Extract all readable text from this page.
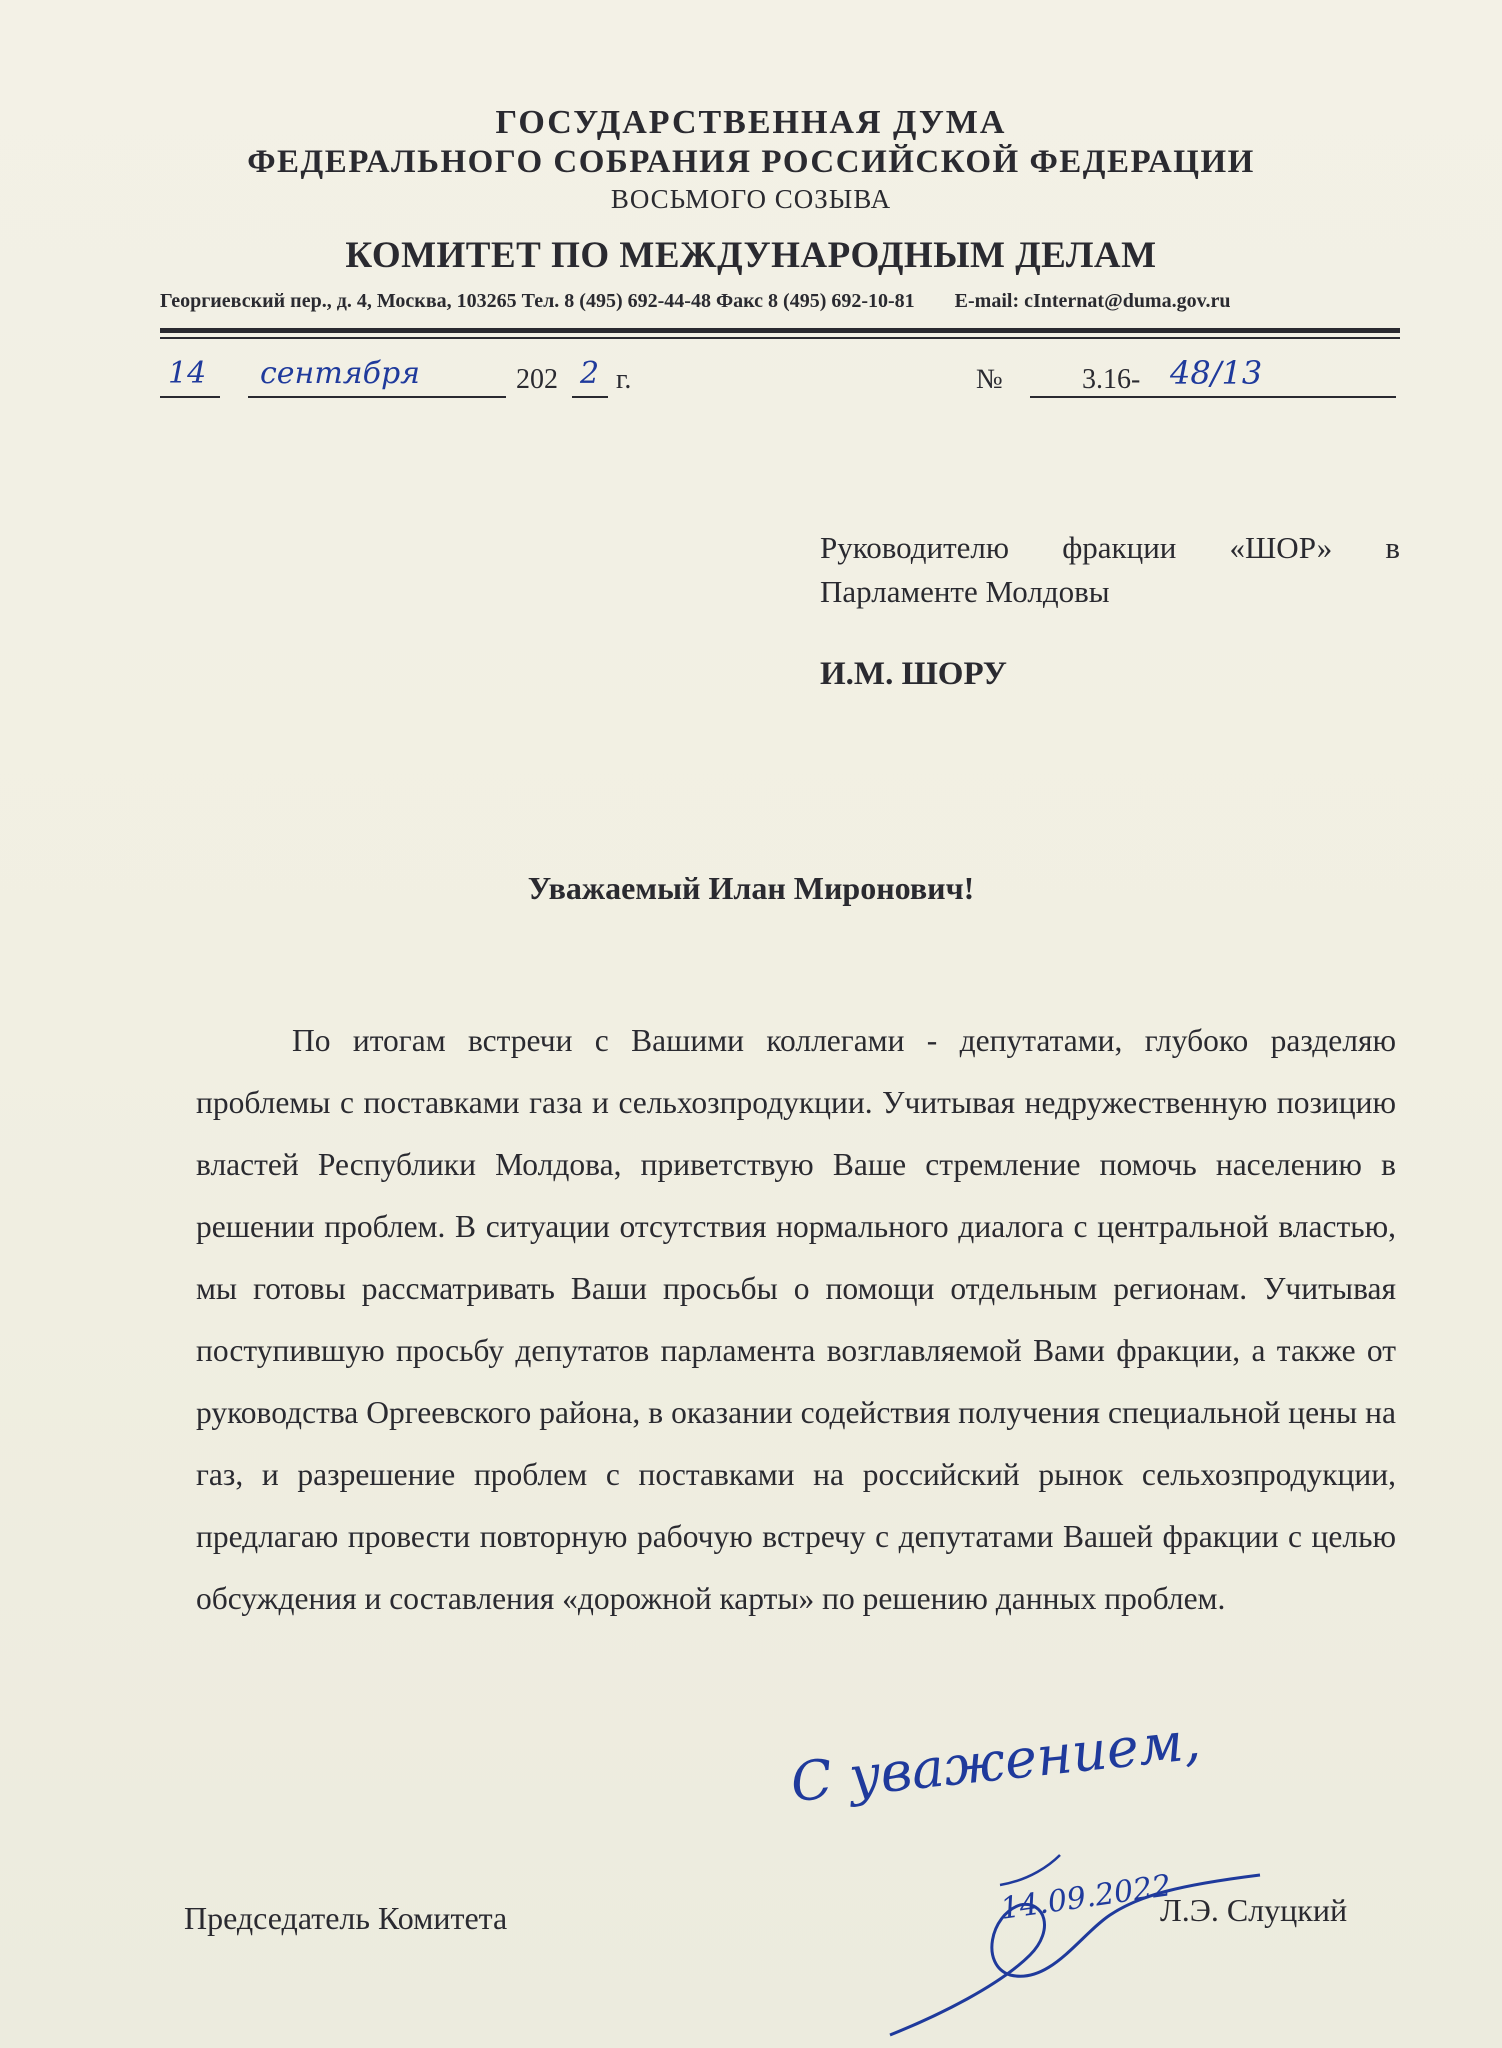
ГОСУДАРСТВЕННАЯ ДУМА
ФЕДЕРАЛЬНОГО СОБРАНИЯ РОССИЙСКОЙ ФЕДЕРАЦИИ
ВОСЬМОГО СОЗЫВА
КОМИТЕТ ПО МЕЖДУНАРОДНЫМ ДЕЛАМ
Георгиевский пер., д. 4, Москва, 103265 Тел. 8 (495) 692-44-48 Факс 8 (495) 692-10-81 E-mail: cInternat@duma.gov.ru
14 сентября	202 2 г.	№	3.16- 48/13
Руководителю фракции «ШОР» в Парламенте Молдовы
И.М. ШОРУ
Уважаемый Илан Миронович!
По итогам встречи с Вашими коллегами - депутатами, глубоко разделяю проблемы с поставками газа и сельхозпродукции. Учитывая недружественную позицию властей Республики Молдова, приветствую Ваше стремление помочь населению в решении проблем. В ситуации отсутствия нормального диалога с центральной властью, мы готовы рассматривать Ваши просьбы о помощи отдельным регионам. Учитывая поступившую просьбу депутатов парламента возглавляемой Вами фракции, а также от руководства Оргеевского района, в оказании содействия получения специальной цены на газ, и разрешение проблем с поставками на российский рынок сельхозпродукции, предлагаю провести повторную рабочую встречу с депутатами Вашей фракции с целью обсуждения и составления «дорожной карты» по решению данных проблем.
С уважением,
14.09.2022
Председатель Комитета	Л.Э. Слуцкий
